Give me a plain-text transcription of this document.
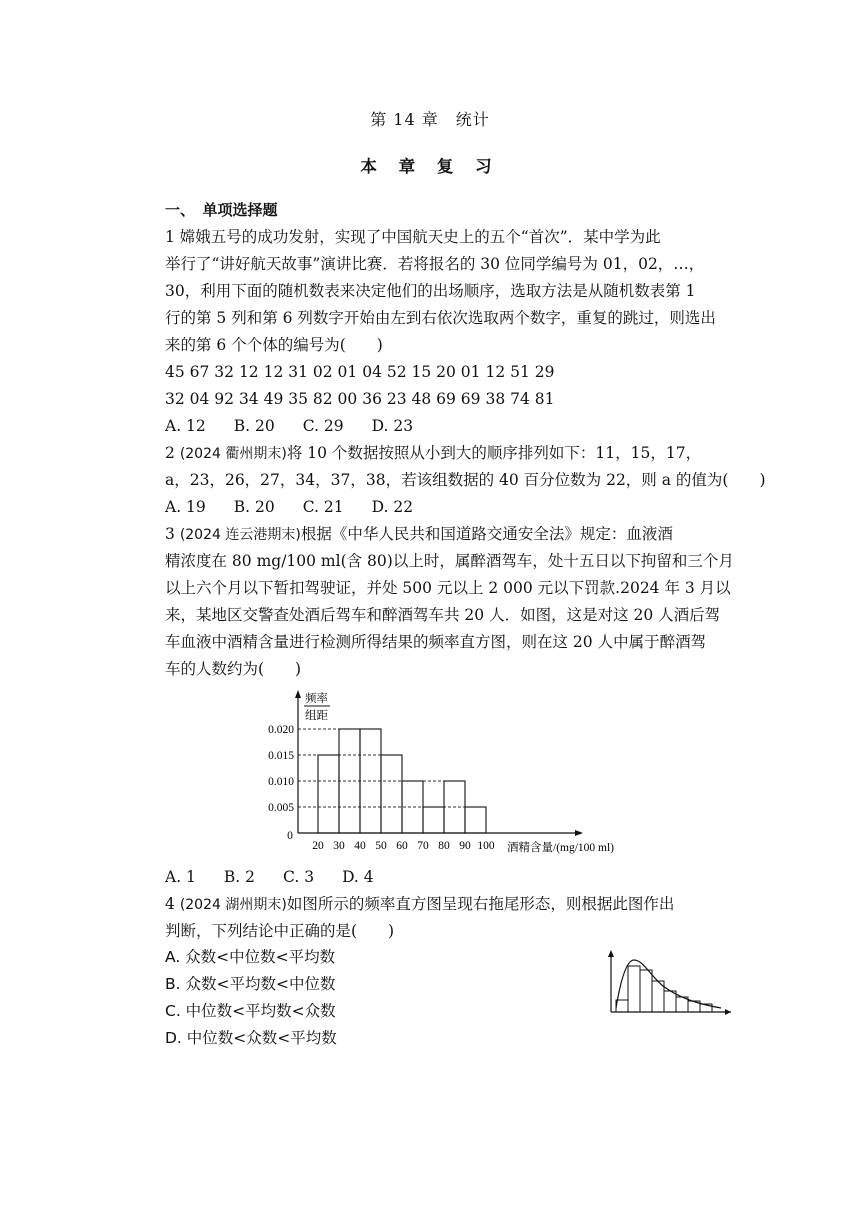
第 14 章　统计
本 章 复 习
一、　单项选择题
1 嫦娥五号的成功发射，实现了中国航天史上的五个“首次”．某中学为此
举行了“讲好航天故事”演讲比赛．若将报名的 30 位同学编号为 01，02，…，
30，利用下面的随机数表来决定他们的出场顺序，选取方法是从随机数表第 1
行的第 5 列和第 6 列数字开始由左到右依次选取两个数字，重复的跳过，则选出
来的第 6 个个体的编号为(　　)
45 67 32 12 12 31 02 01 04 52 15 20 01 12 51 29
32 04 92 34 49 35 82 00 36 23 48 69 69 38 74 81
A. 12 B. 20 C. 29 D. 23
2 (2024 衢州期末)将 10 个数据按照从小到大的顺序排列如下：11，15，17，
a，23，26，27，34，37，38，若该组数据的 40 百分位数为 22，则 a 的值为(　　)
A. 19 B. 20 C. 21 D. 22
3 (2024 连云港期末)根据《中华人民共和国道路交通安全法》规定：血液酒
精浓度在 80 mg/100 ml(含 80)以上时，属醉酒驾车，处十五日以下拘留和三个月
以上六个月以下暂扣驾驶证，并处 500 元以上 2 000 元以下罚款.2024 年 3 月以
来，某地区交警查处酒后驾车和醉酒驾车共 20 人．如图，这是对这 20 人酒后驾
车血液中酒精含量进行检测所得结果的频率直方图，则在这 20 人中属于醉酒驾
车的人数约为(　　)
0.005
0.010
0.015
0.020
20 30 40 50 60 70 80 90 100
0
酒精含量/(mg/100 ml)
频率
组距
A. 1 B. 2 C. 3 D. 4
4 (2024 湖州期末)如图所示的频率直方图呈现右拖尾形态，则根据此图作出
判断，下列结论中正确的是(　　)
A. 众数<中位数<平均数
B. 众数<平均数<中位数
C. 中位数<平均数<众数
D. 中位数<众数<平均数
